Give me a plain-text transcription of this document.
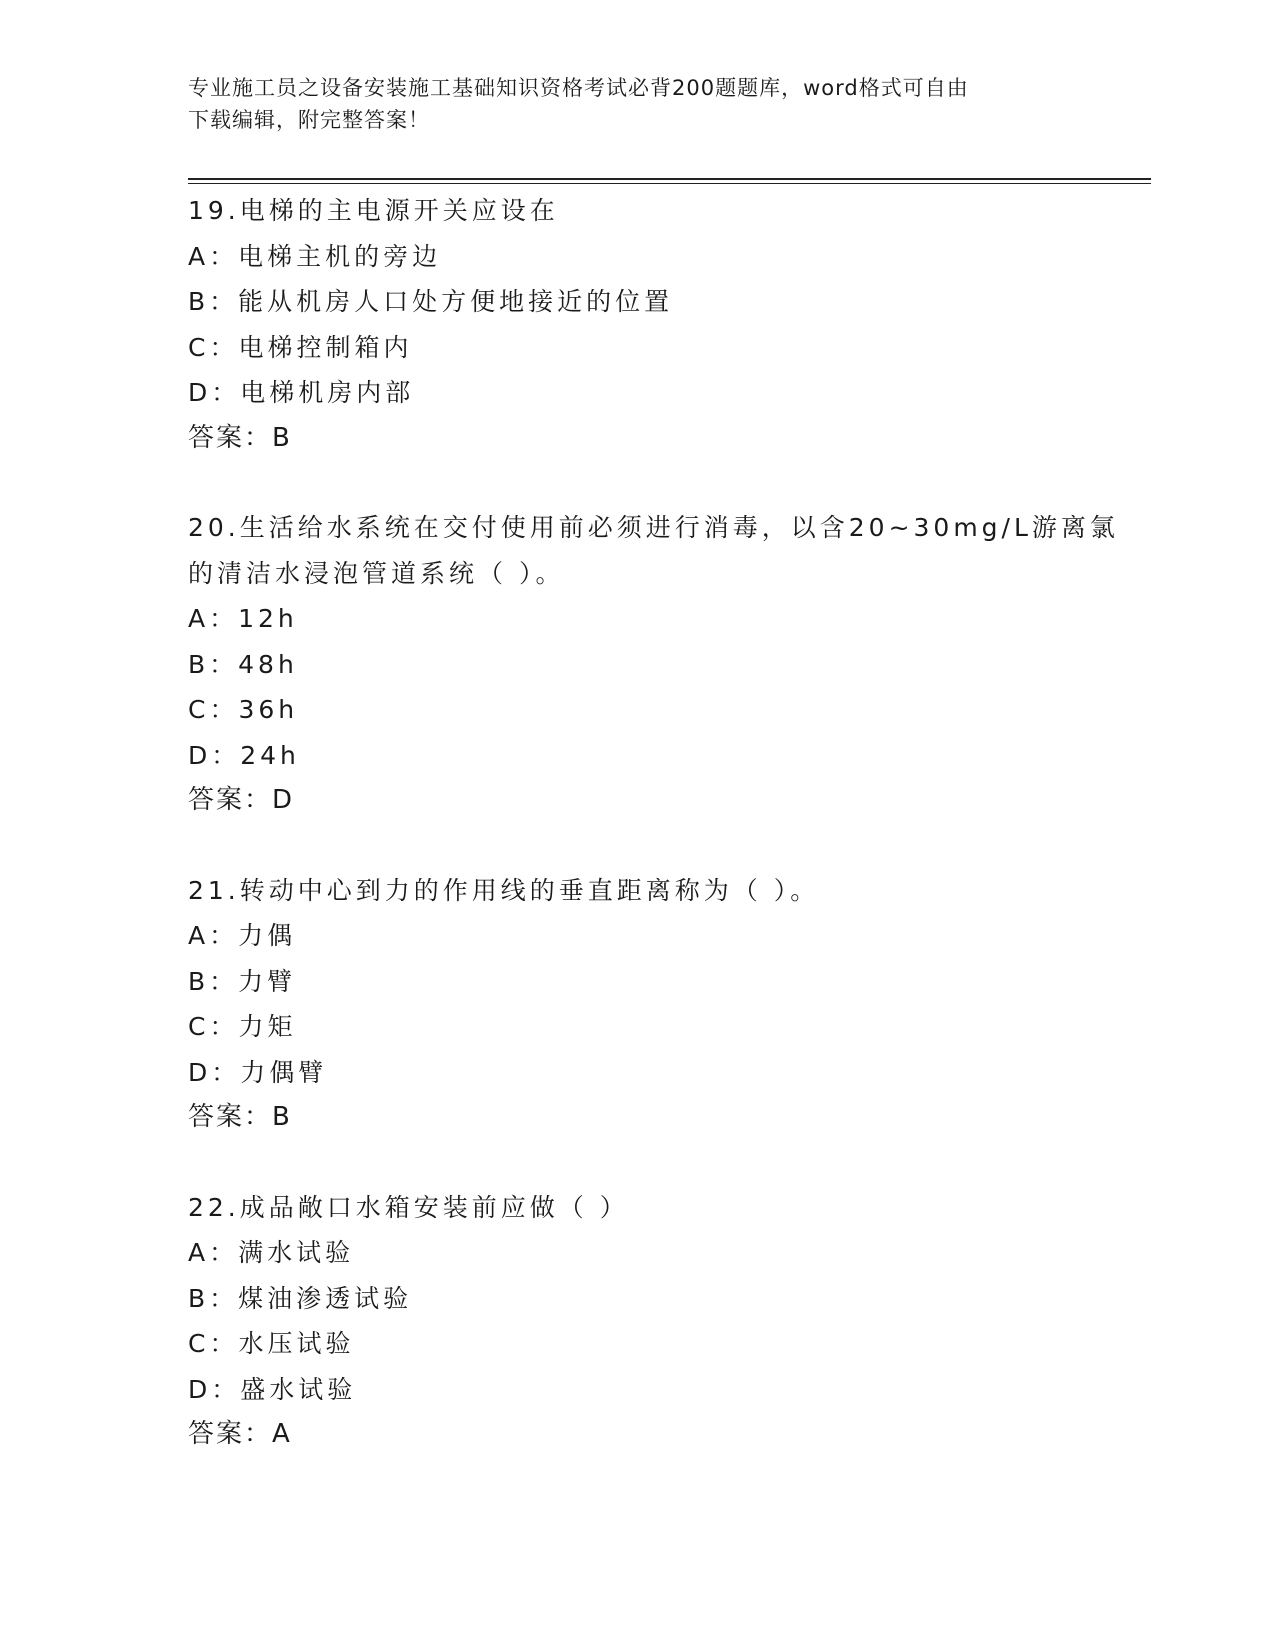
专业施工员之设备安装施工基础知识资格考试必背200题题库，word格式可自由
下载编辑，附完整答案！
19.电梯的主电源开关应设在
A：电梯主机的旁边
B：能从机房人口处方便地接近的位置
C：电梯控制箱内
D：电梯机房内部
答案：B
20.生活给水系统在交付使用前必须进行消毒，以含20~30mg/L游离氯
的清洁水浸泡管道系统（ ）。
A：12h
B：48h
C：36h
D：24h
答案：D
21.转动中心到力的作用线的垂直距离称为（ ）。
A：力偶
B：力臂
C：力矩
D：力偶臂
答案：B
22.成品敞口水箱安装前应做（ ）
A：满水试验
B：煤油渗透试验
C：水压试验
D：盛水试验
答案：A
